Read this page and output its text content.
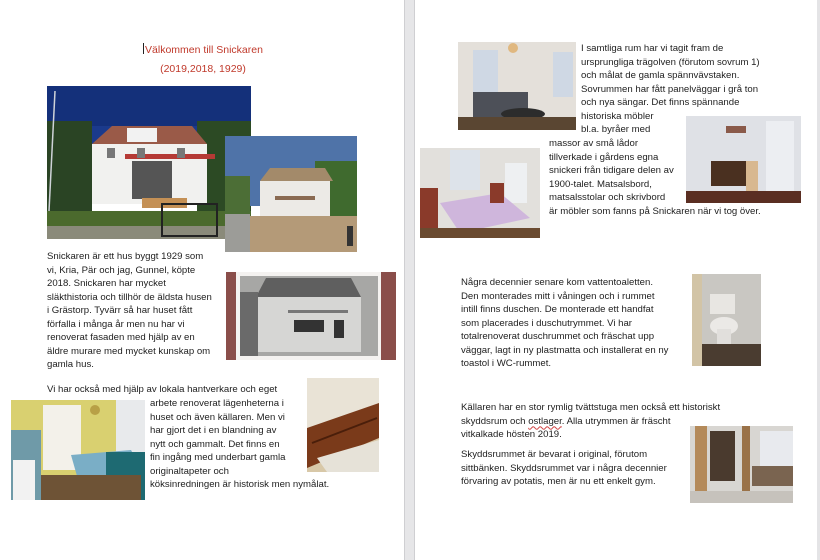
Välkommen till Snickaren
(2019,2018, 1929)
Snickaren är ett hus byggt 1929 som
vi, Kria, Pär och jag, Gunnel, köpte
2018. Snickaren har mycket
släkthistoria och tillhör de äldsta husen
i Grästorp. Tyvärr så har huset fått
förfalla i många år men nu har vi
renoverat fasaden med hjälp av en
äldre murare med mycket kunskap om
gamla hus.
Vi har också med hjälp av lokala hantverkare och eget
arbete renoverat lägenheterna i
huset och även källaren. Men vi
har gjort det i en blandning av
nytt och gammalt. Det finns en
fin ingång med underbart gamla
originaltapeter och
köksinredningen är historisk men nymålat.
I samtliga rum har vi tagit fram de
ursprungliga trägolven (förutom sovrum 1)
och målat de gamla spännvävstaken.
Sovrummen har fått panelväggar i grå ton
och nya sängar. Det finns spännande
historiska möbler
bl.a. byråer med
massor av små lådor
tillverkade i gårdens egna
snickeri från tidigare delen av
1900-talet. Matsalsbord,
matsalsstolar och skrivbord
är möbler som fanns på Snickaren när vi tog över.
Några decennier senare kom vattentoaletten.
Den monterades mitt i våningen och i rummet
intill finns duschen. De monterade ett handfat
som placerades i duschutrymmet. Vi har
totalrenoverat duschrummet och fräschat upp
väggar, lagt in ny plastmatta och installerat en ny
toastol i WC-rummet.
Källaren har en stor rymlig tvättstuga men också ett historiskt
skyddsrum och ostlager. Alla utrymmen är fräscht
vitkalkade hösten 2019.
Skyddsrummet är bevarat i original, förutom
sittbänken. Skyddsrummet var i några decennier
förvaring av potatis, men är nu ett enkelt gym.
